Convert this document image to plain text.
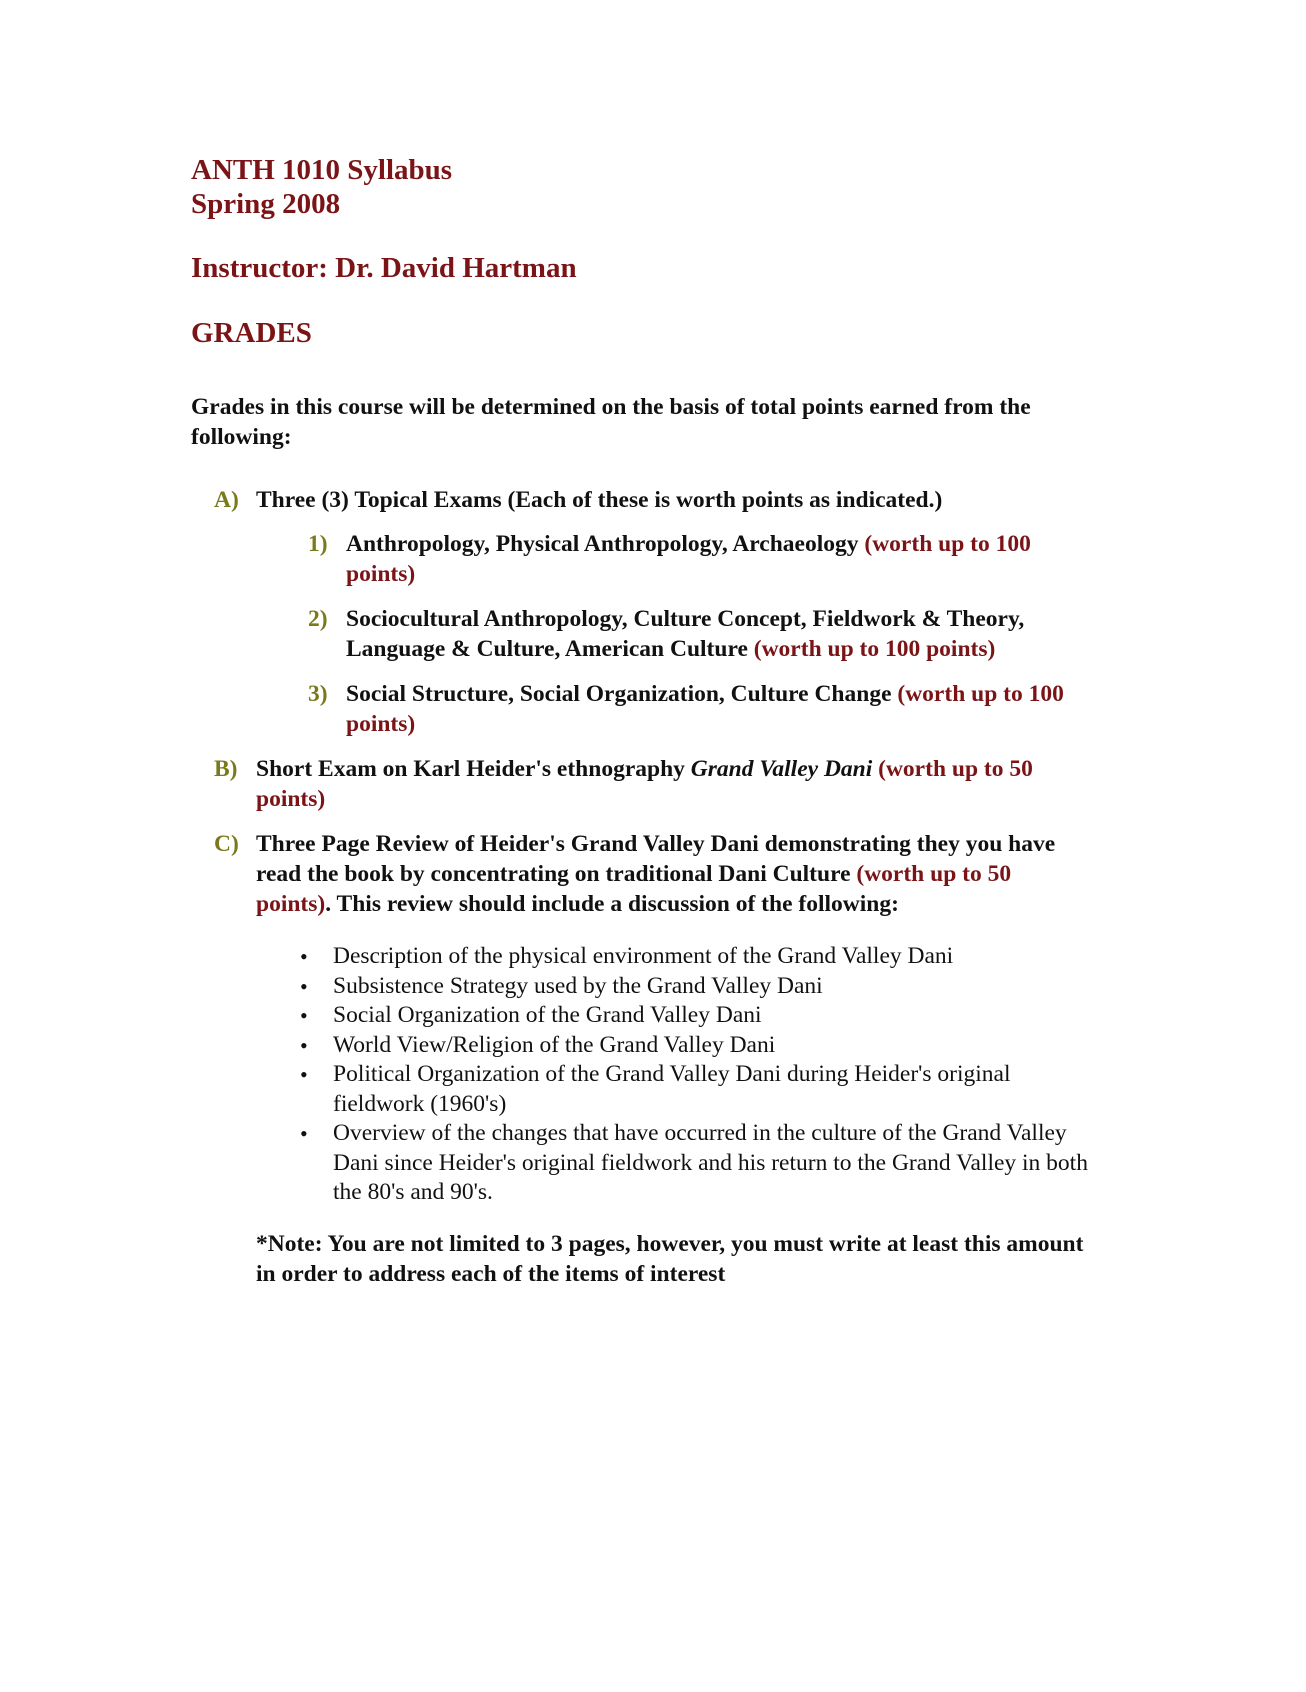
ANTH 1010 Syllabus

Spring 2008

Instructor: Dr. David Hartman

GRADES

Grades in this course will be determined on the basis of total points earned from the following:

A) Three (3) Topical Exams (Each of these is worth points as indicated.)

1) Anthropology, Physical Anthropology, Archaeology (worth up to 100 points)

2) Sociocultural Anthropology, Culture Concept, Fieldwork & Theory, Language & Culture, American Culture (worth up to 100 points)

3) Social Structure, Social Organization, Culture Change (worth up to 100 points)

B) Short Exam on Karl Heider's ethnography Grand Valley Dani (worth up to 50 points)

C) Three Page Review of Heider's Grand Valley Dani demonstrating they you have read the book by concentrating on traditional Dani Culture (worth up to 50 points). This review should include a discussion of the following:

• Description of the physical environment of the Grand Valley Dani
• Subsistence Strategy used by the Grand Valley Dani
• Social Organization of the Grand Valley Dani
• World View/Religion of the Grand Valley Dani
• Political Organization of the Grand Valley Dani during Heider's original fieldwork (1960's)
• Overview of the changes that have occurred in the culture of the Grand Valley Dani since Heider's original fieldwork and his return to the Grand Valley in both the 80's and 90's.

*Note: You are not limited to 3 pages, however, you must write at least this amount in order to address each of the items of interest
